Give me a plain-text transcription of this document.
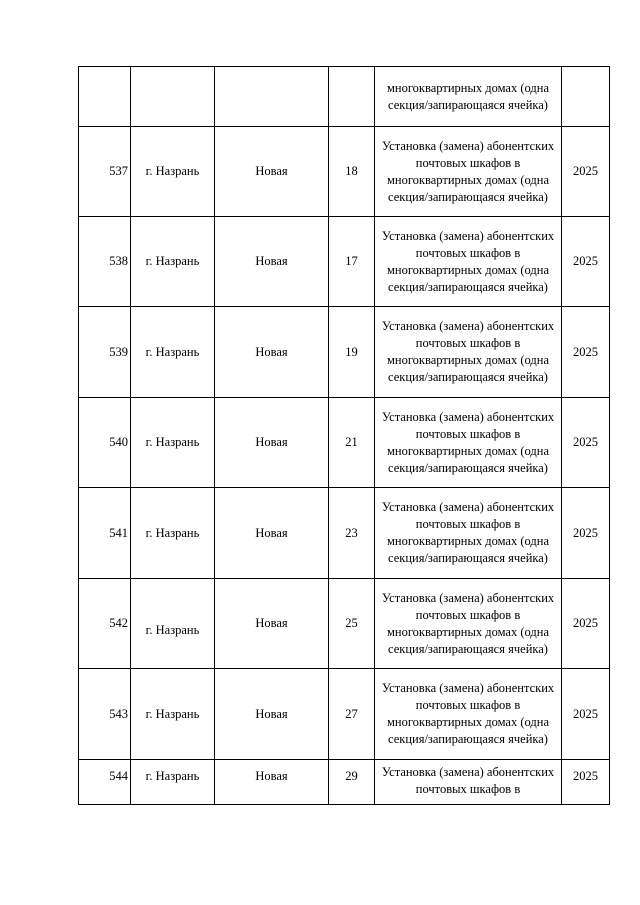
				многоквартирных домах (одна
секция/запирающаяся ячейка)	

537	г. Назрань	Новая	18	Установка (замена) абонентских
почтовых шкафов в
многоквартирных домах (одна
секция/запирающаяся ячейка)	2025
538	г. Назрань	Новая	17	Установка (замена) абонентских
почтовых шкафов в
многоквартирных домах (одна
секция/запирающаяся ячейка)	2025
539	г. Назрань	Новая	19	Установка (замена) абонентских
почтовых шкафов в
многоквартирных домах (одна
секция/запирающаяся ячейка)	2025
540	г. Назрань	Новая	21	Установка (замена) абонентских
почтовых шкафов в
многоквартирных домах (одна
секция/запирающаяся ячейка)	2025
541	г. Назрань	Новая	23	Установка (замена) абонентских
почтовых шкафов в
многоквартирных домах (одна
секция/запирающаяся ячейка)	2025
542	г. Назрань	Новая	25	Установка (замена) абонентских
почтовых шкафов в
многоквартирных домах (одна
секция/запирающаяся ячейка)	2025
543	г. Назрань	Новая	27	Установка (замена) абонентских
почтовых шкафов в
многоквартирных домах (одна
секция/запирающаяся ячейка)	2025
544	г. Назрань	Новая	29	Установка (замена) абонентских
почтовых шкафов в	2025
